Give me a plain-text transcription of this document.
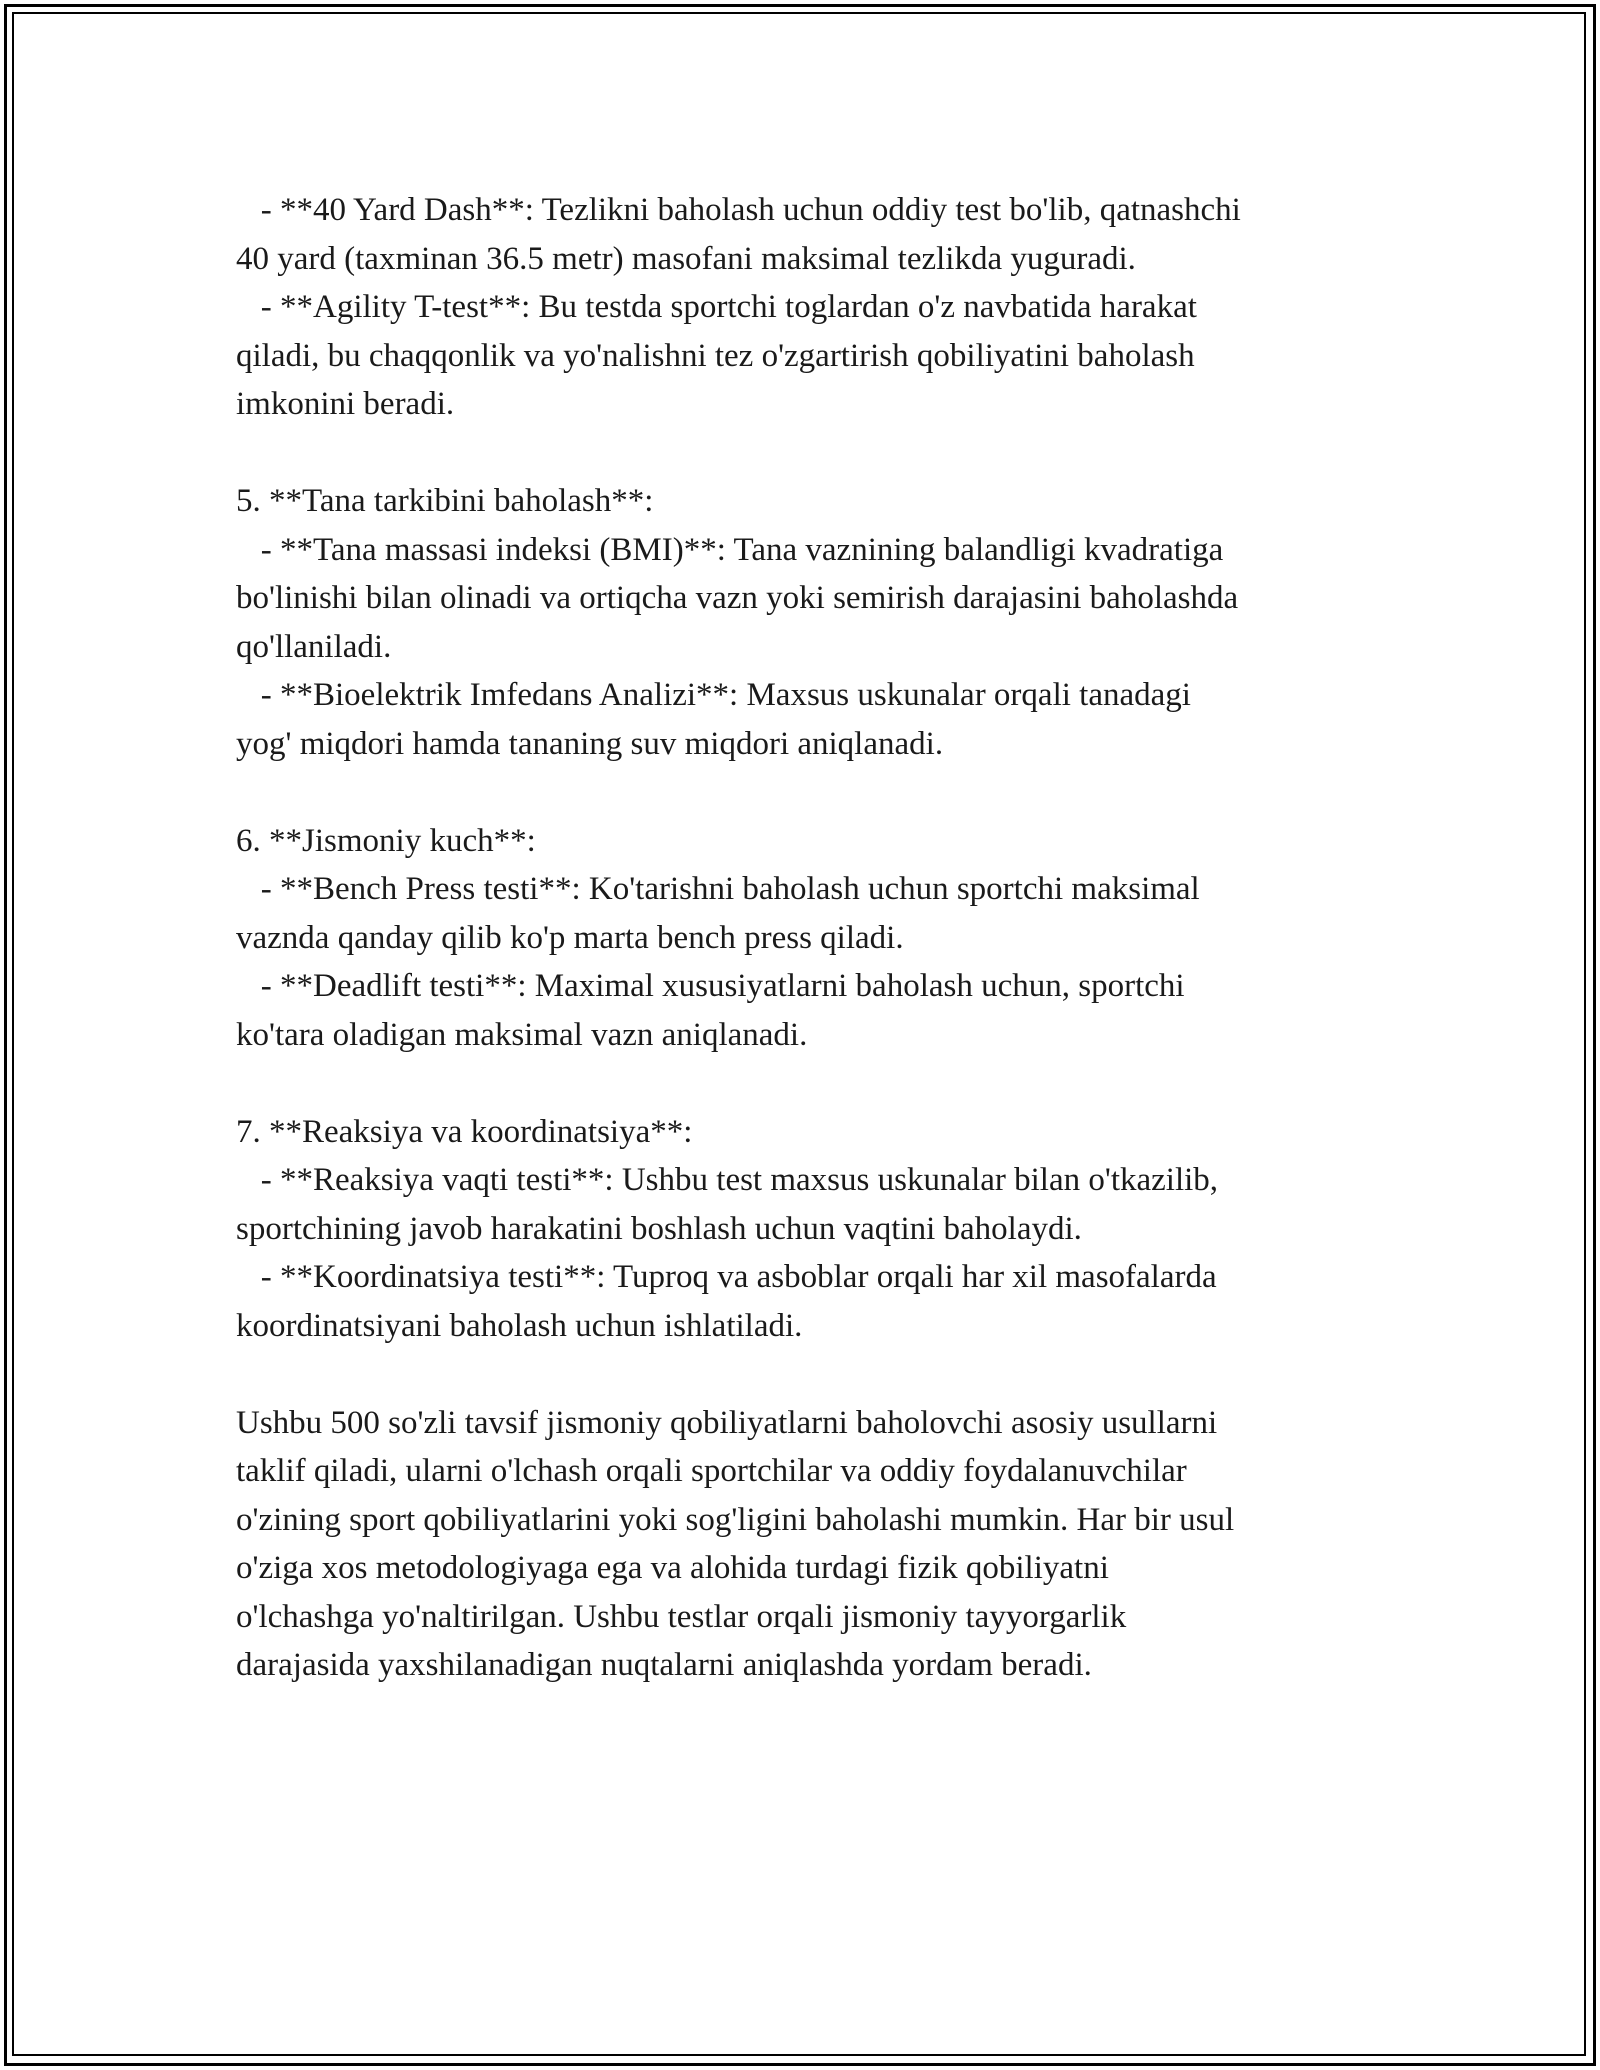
- **40 Yard Dash**: Tezlikni baholash uchun oddiy test bo'lib, qatnashchi
40 yard (taxminan 36.5 metr) masofani maksimal tezlikda yuguradi.
- **Agility T-test**: Bu testda sportchi toglardan o'z navbatida harakat
qiladi, bu chaqqonlik va yo'nalishni tez o'zgartirish qobiliyatini baholash
imkonini beradi.
5. **Tana tarkibini baholash**:
- **Tana massasi indeksi (BMI)**: Tana vaznining balandligi kvadratiga
bo'linishi bilan olinadi va ortiqcha vazn yoki semirish darajasini baholashda
qo'llaniladi.
- **Bioelektrik Imfedans Analizi**: Maxsus uskunalar orqali tanadagi
yog' miqdori hamda tananing suv miqdori aniqlanadi.
6. **Jismoniy kuch**:
- **Bench Press testi**: Ko'tarishni baholash uchun sportchi maksimal
vaznda qanday qilib ko'p marta bench press qiladi.
- **Deadlift testi**: Maximal xususiyatlarni baholash uchun, sportchi
ko'tara oladigan maksimal vazn aniqlanadi.
7. **Reaksiya va koordinatsiya**:
- **Reaksiya vaqti testi**: Ushbu test maxsus uskunalar bilan o'tkazilib,
sportchining javob harakatini boshlash uchun vaqtini baholaydi.
- **Koordinatsiya testi**: Tuproq va asboblar orqali har xil masofalarda
koordinatsiyani baholash uchun ishlatiladi.
Ushbu 500 so'zli tavsif jismoniy qobiliyatlarni baholovchi asosiy usullarni
taklif qiladi, ularni o'lchash orqali sportchilar va oddiy foydalanuvchilar
o'zining sport qobiliyatlarini yoki sog'ligini baholashi mumkin. Har bir usul
o'ziga xos metodologiyaga ega va alohida turdagi fizik qobiliyatni
o'lchashga yo'naltirilgan. Ushbu testlar orqali jismoniy tayyorgarlik
darajasida yaxshilanadigan nuqtalarni aniqlashda yordam beradi.
